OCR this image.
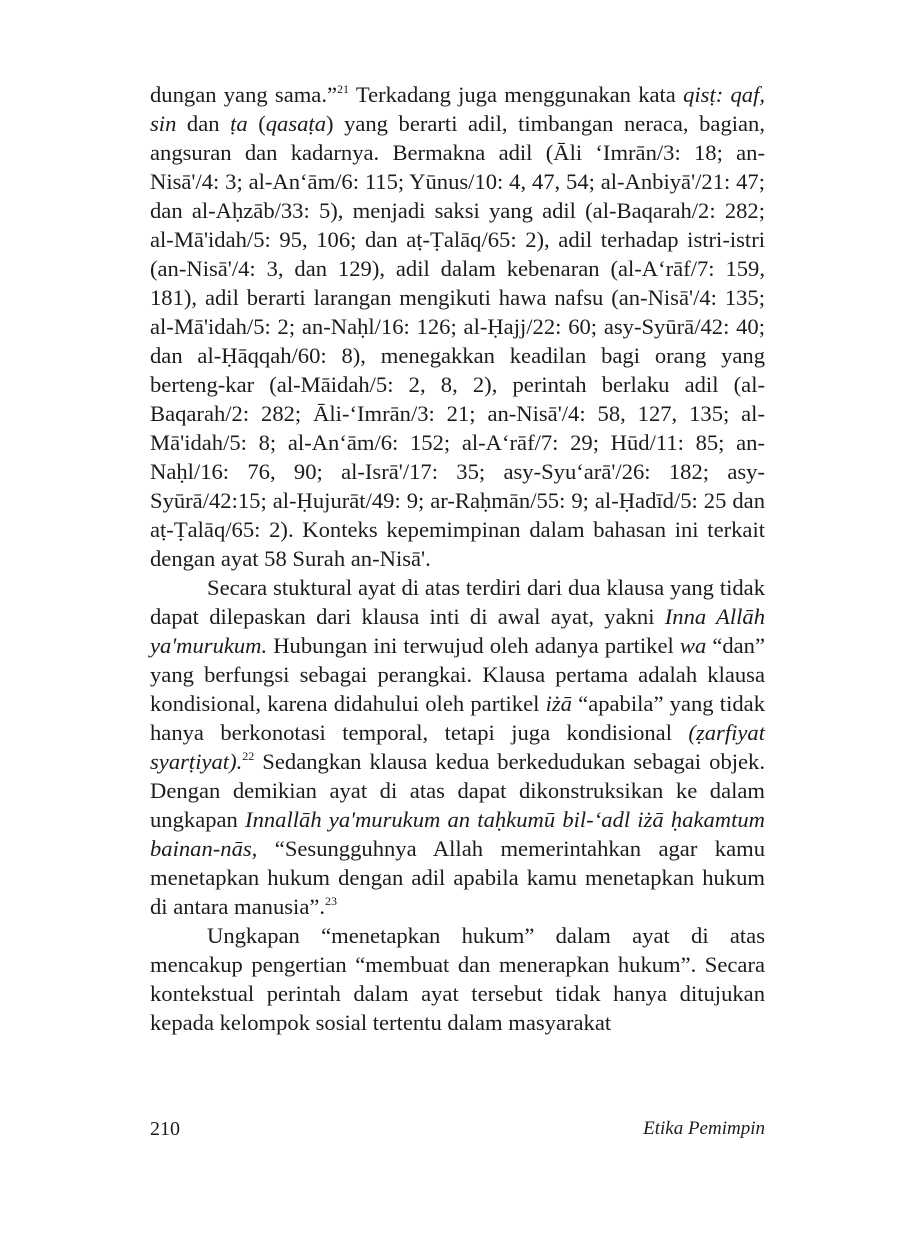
dungan yang sama.”$^{21}$ Terkadang juga menggunakan kata qisṭ: qaf, sin dan ṭa (qasaṭa) yang berarti adil, timbangan neraca, bagian, angsuran dan kadarnya. Bermakna adil (Āli ‘Imrān/3: 18; an-Nisā'/4: 3; al-An‘ām/6: 115; Yūnus/10: 4, 47, 54; al-Anbiyā'/21: 47; dan al-Aḥzāb/33: 5), menjadi saksi yang adil (al-Baqarah/2: 282; al-Mā'idah/5: 95, 106; dan aṭ-Ṭalāq/65: 2), adil terhadap istri-istri (an-Nisā'/4: 3, dan 129), adil dalam kebenaran (al-A‘rāf/7: 159, 181), adil berarti larangan mengikuti hawa nafsu (an-Nisā'/4: 135; al-Mā'idah/5: 2; an-Naḥl/16: 126; al-Ḥajj/22: 60; asy-Syūrā/42: 40; dan al-Ḥāqqah/60: 8), menegakkan keadilan bagi orang yang berteng-kar (al-Māidah/5: 2, 8, 2), perintah berlaku adil (al-Baqarah/2: 282; Āli-‘Imrān/3: 21; an-Nisā'/4: 58, 127, 135; al-Mā'idah/5: 8; al-An‘ām/6: 152; al-A‘rāf/7: 29; Hūd/11: 85; an-Naḥl/16: 76, 90; al-Isrā'/17: 35; asy-Syu‘arā'/26: 182; asy-Syūrā/42:15; al-Ḥujurāt/49: 9; ar-Raḥmān/55: 9; al-Ḥadīd/5: 25 dan aṭ-Ṭalāq/65: 2). Konteks kepemimpinan dalam bahasan ini terkait dengan ayat 58 Surah an-Nisā'.

Secara stuktural ayat di atas terdiri dari dua klausa yang tidak dapat dilepaskan dari klausa inti di awal ayat, yakni Inna Allāh ya'murukum. Hubungan ini terwujud oleh adanya partikel wa “dan” yang berfungsi sebagai perangkai. Klausa pertama adalah klausa kondisional, karena didahului oleh partikel iżā “apabila” yang tidak hanya berkonotasi temporal, tetapi juga kondisional (ẓarfiyat syarṭiyat).$^{22}$ Sedangkan klausa kedua berkedudukan sebagai objek. Dengan demikian ayat di atas dapat dikonstruksikan ke dalam ungkapan Innallāh ya'murukum an taḥkumū bil-‘adl iżā ḥakamtum bainan-nās, “Sesungguhnya Allah memerintahkan agar kamu menetapkan hukum dengan adil apabila kamu menetapkan hukum di antara manusia”.$^{23}$

Ungkapan “menetapkan hukum” dalam ayat di atas mencakup pengertian “membuat dan menerapkan hukum”. Secara kontekstual perintah dalam ayat tersebut tidak hanya ditujukan kepada kelompok sosial tertentu dalam masyarakat

210	Etika Pemimpin
